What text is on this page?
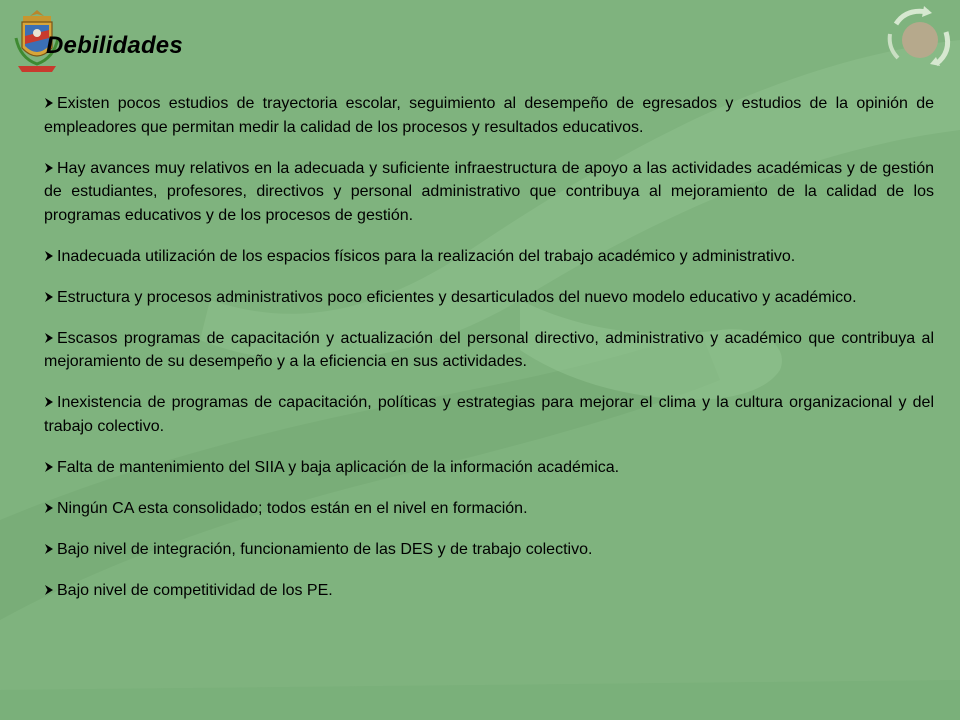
Debilidades
Existen pocos estudios de trayectoria escolar, seguimiento al desempeño de egresados y estudios de la opinión de empleadores que permitan medir la calidad de los procesos y resultados educativos.
Hay avances muy relativos en la adecuada y suficiente infraestructura de apoyo a las actividades académicas y de gestión de estudiantes, profesores, directivos y personal administrativo que contribuya al mejoramiento de la calidad de los programas educativos y de los procesos de gestión.
Inadecuada utilización de los espacios físicos para la realización del trabajo académico y administrativo.
Estructura y procesos administrativos poco eficientes y desarticulados del nuevo modelo educativo y académico.
Escasos programas de capacitación y actualización del personal directivo, administrativo y académico que contribuya al mejoramiento de su desempeño y a la eficiencia en sus actividades.
Inexistencia de programas de capacitación, políticas y estrategias para mejorar el clima y la cultura organizacional y del trabajo colectivo.
Falta de mantenimiento del SIIA y baja aplicación de la información académica.
Ningún CA esta consolidado; todos están en el nivel en formación.
Bajo nivel de integración, funcionamiento de las DES y de trabajo colectivo.
Bajo nivel de competitividad de los PE.
